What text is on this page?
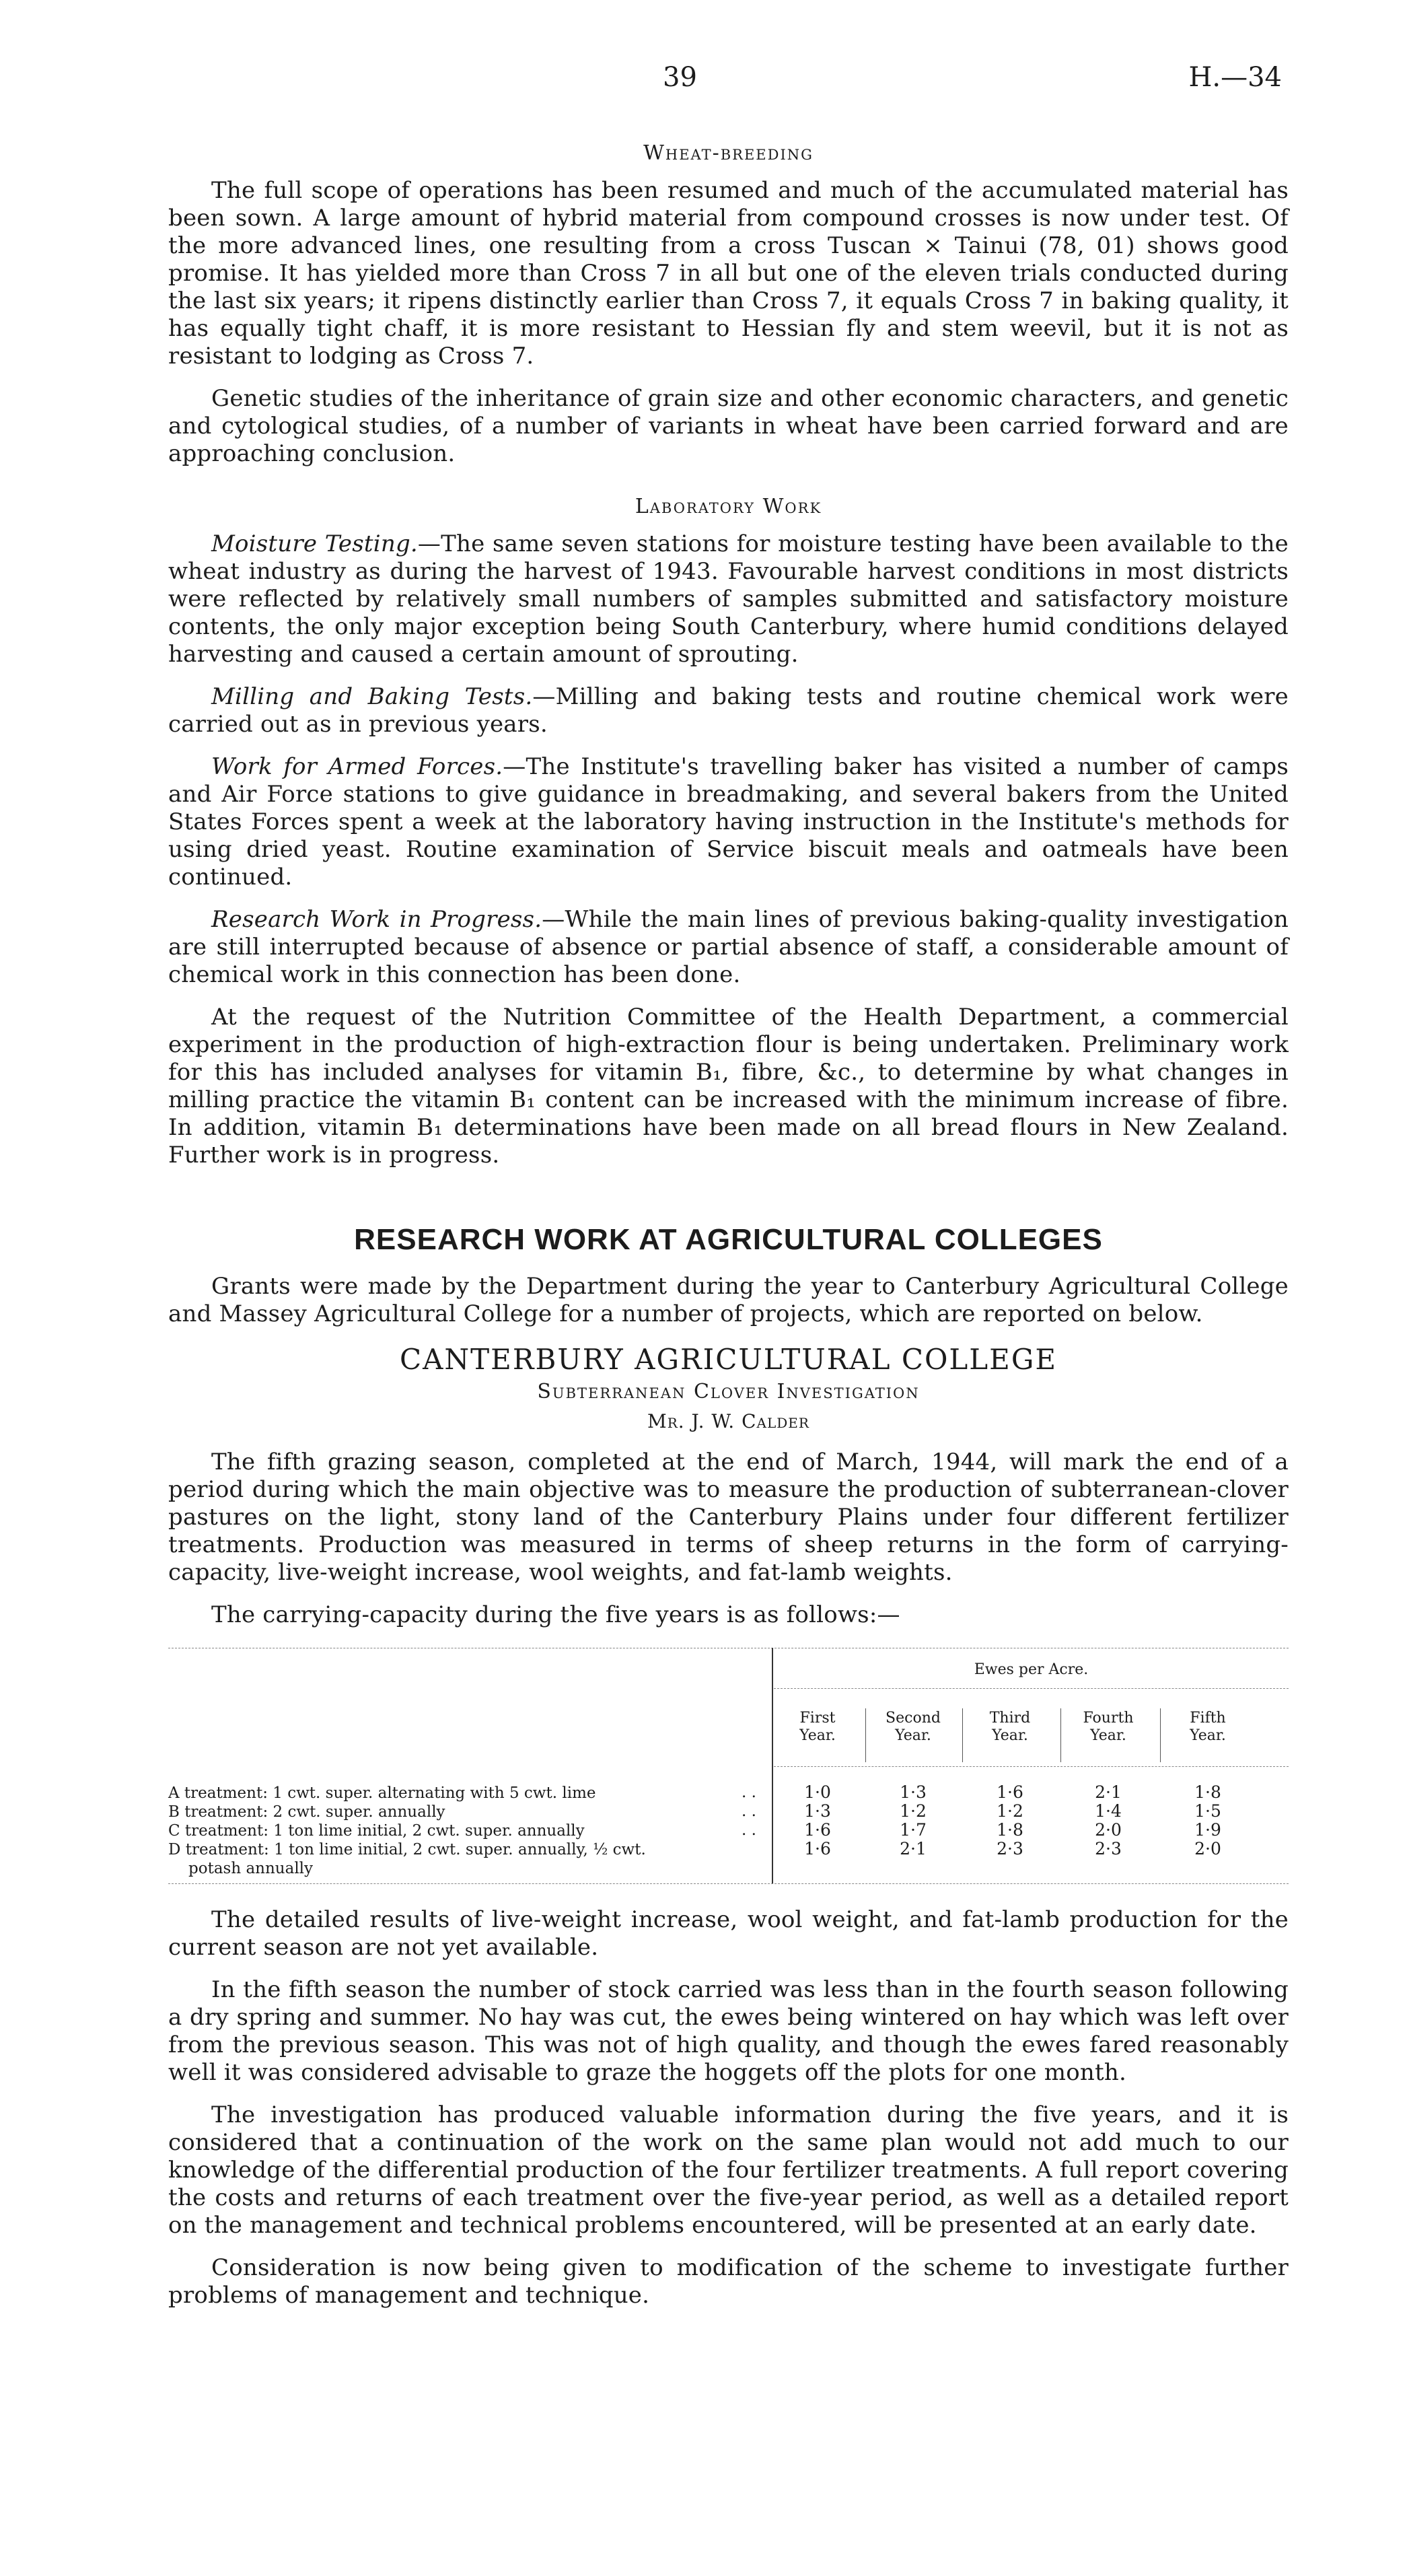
39	H.—34
Wheat-breeding

The full scope of operations has been resumed and much of the accumulated material has been sown. A large amount of hybrid material from compound crosses is now under test. Of the more advanced lines, one resulting from a cross Tuscan × Tainui (78, 01) shows good promise. It has yielded more than Cross 7 in all but one of the eleven trials conducted during the last six years; it ripens distinctly earlier than Cross 7, it equals Cross 7 in baking quality, it has equally tight chaff, it is more resistant to Hessian fly and stem weevil, but it is not as resistant to lodging as Cross 7.

Genetic studies of the inheritance of grain size and other economic characters, and genetic and cytological studies, of a number of variants in wheat have been carried forward and are approaching conclusion.

Laboratory Work

Moisture Testing.—The same seven stations for moisture testing have been available to the wheat industry as during the harvest of 1943. Favourable harvest conditions in most districts were reflected by relatively small numbers of samples submitted and satisfactory moisture contents, the only major exception being South Canterbury, where humid conditions delayed harvesting and caused a certain amount of sprouting.

Milling and Baking Tests.—Milling and baking tests and routine chemical work were carried out as in previous years.

Work for Armed Forces.—The Institute's travelling baker has visited a number of camps and Air Force stations to give guidance in breadmaking, and several bakers from the United States Forces spent a week at the laboratory having instruction in the Institute's methods for using dried yeast. Routine examination of Service biscuit meals and oatmeals have been continued.

Research Work in Progress.—While the main lines of previous baking-quality investigation are still interrupted because of absence or partial absence of staff, a considerable amount of chemical work in this connection has been done.

At the request of the Nutrition Committee of the Health Department, a commercial experiment in the production of high-extraction flour is being undertaken. Preliminary work for this has included analyses for vitamin B₁, fibre, &c., to determine by what changes in milling practice the vitamin B₁ content can be increased with the minimum increase of fibre. In addition, vitamin B₁ determinations have been made on all bread flours in New Zealand. Further work is in progress.

RESEARCH WORK AT AGRICULTURAL COLLEGES

Grants were made by the Department during the year to Canterbury Agricultural College and Massey Agricultural College for a number of projects, which are reported on below.

CANTERBURY AGRICULTURAL COLLEGE
Subterranean Clover Investigation
Mr. J. W. Calder

The fifth grazing season, completed at the end of March, 1944, will mark the end of a period during which the main objective was to measure the production of subterranean-clover pastures on the light, stony land of the Canterbury Plains under four different fertilizer treatments. Production was measured in terms of sheep returns in the form of carrying-capacity, live-weight increase, wool weights, and fat-lamb weights.

The carrying-capacity during the five years is as follows:—

Ewes per Acre.
First Year.
Second Year.
Third Year.
Fourth Year.
Fifth Year.
A treatment: 1 cwt. super. alternating with 5 cwt. lime	. .	1·0	1·3	1·6	2·1	1·8
B treatment: 2 cwt. super. annually	. .	1·3	1·2	1·2	1·4	1·5
C treatment: 1 ton lime initial, 2 cwt. super. annually	. .	1·6	1·7	1·8	2·0	1·9
D treatment: 1 ton lime initial, 2 cwt. super. annually, ½ cwt.
potash annually
1·6	2·1	2·3	2·3	2·0

The detailed results of live-weight increase, wool weight, and fat-lamb production for the current season are not yet available.

In the fifth season the number of stock carried was less than in the fourth season following a dry spring and summer. No hay was cut, the ewes being wintered on hay which was left over from the previous season. This was not of high quality, and though the ewes fared reasonably well it was considered advisable to graze the hoggets off the plots for one month.

The investigation has produced valuable information during the five years, and it is considered that a continuation of the work on the same plan would not add much to our knowledge of the differential production of the four fertilizer treatments. A full report covering the costs and returns of each treatment over the five-year period, as well as a detailed report on the management and technical problems encountered, will be presented at an early date.

Consideration is now being given to modification of the scheme to investigate further problems of management and technique.
